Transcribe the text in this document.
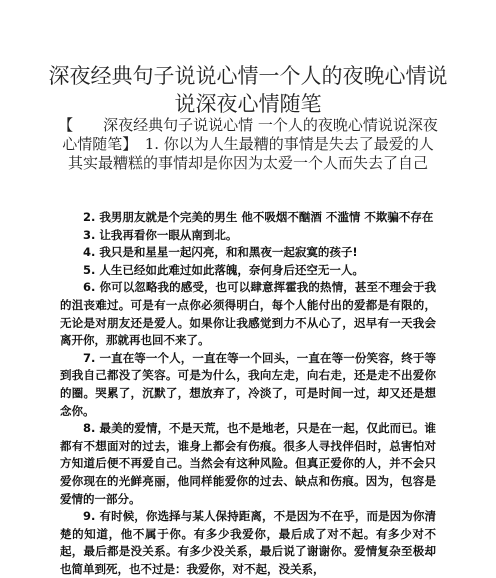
深夜经典句子说说心情一个人的夜晚心情说说深夜心情随笔
【　　深夜经典句子说说心情 一个人的夜晚心情说说深夜心情随笔】　1. 你以为人生最糟的事情是失去了最爱的人 其实最糟糕的事情却是你因为太爱一个人而失去了自己

2. 我男朋友就是个完美的男生 他不吸烟不酗酒 不滥情 不欺骗不存在

3. 让我再看你一眼从南到北。

4. 我只是和星星一起闪亮，和和黑夜一起寂寞的孩子!

5. 人生已经如此难过如此落魄，奈何身后还空无一人。

6. 你可以忽略我的感受，也可以肆意挥霍我的热情，甚至不理会于我的沮丧难过。可是有一点你必须得明白，每个人能付出的爱都是有限的，无论是对朋友还是爱人。如果你让我感觉到力不从心了，迟早有一天我会离开你，那就再也回不来了。

7. 一直在等一个人，一直在等一个回头，一直在等一份笑容，终于等到我自己都没了笑容。可是为什么，我向左走，向右走，还是走不出爱你的圈。哭累了，沉默了，想放弃了，冷淡了，可是时间一过，却又还是想念你。

8. 最美的爱情，不是天荒，也不是地老，只是在一起，仅此而已。谁都有不想面对的过去，谁身上都会有伤痕。很多人寻找伴侣时，总害怕对方知道后便不再爱自己。当然会有这种风险。但真正爱你的人，并不会只爱你现在的光鲜亮丽，他同样能爱你的过去、缺点和伤痕。因为，包容是爱情的一部分。

9. 有时候，你选择与某人保持距离，不是因为不在乎，而是因为你清楚的知道，他不属于你。有多少我爱你，最后成了对不起。有多少对不起，最后都是没关系。有多少没关系，最后说了谢谢你。爱情复杂至极却也简单到死，也不过是：我爱你，对不起，没关系，
